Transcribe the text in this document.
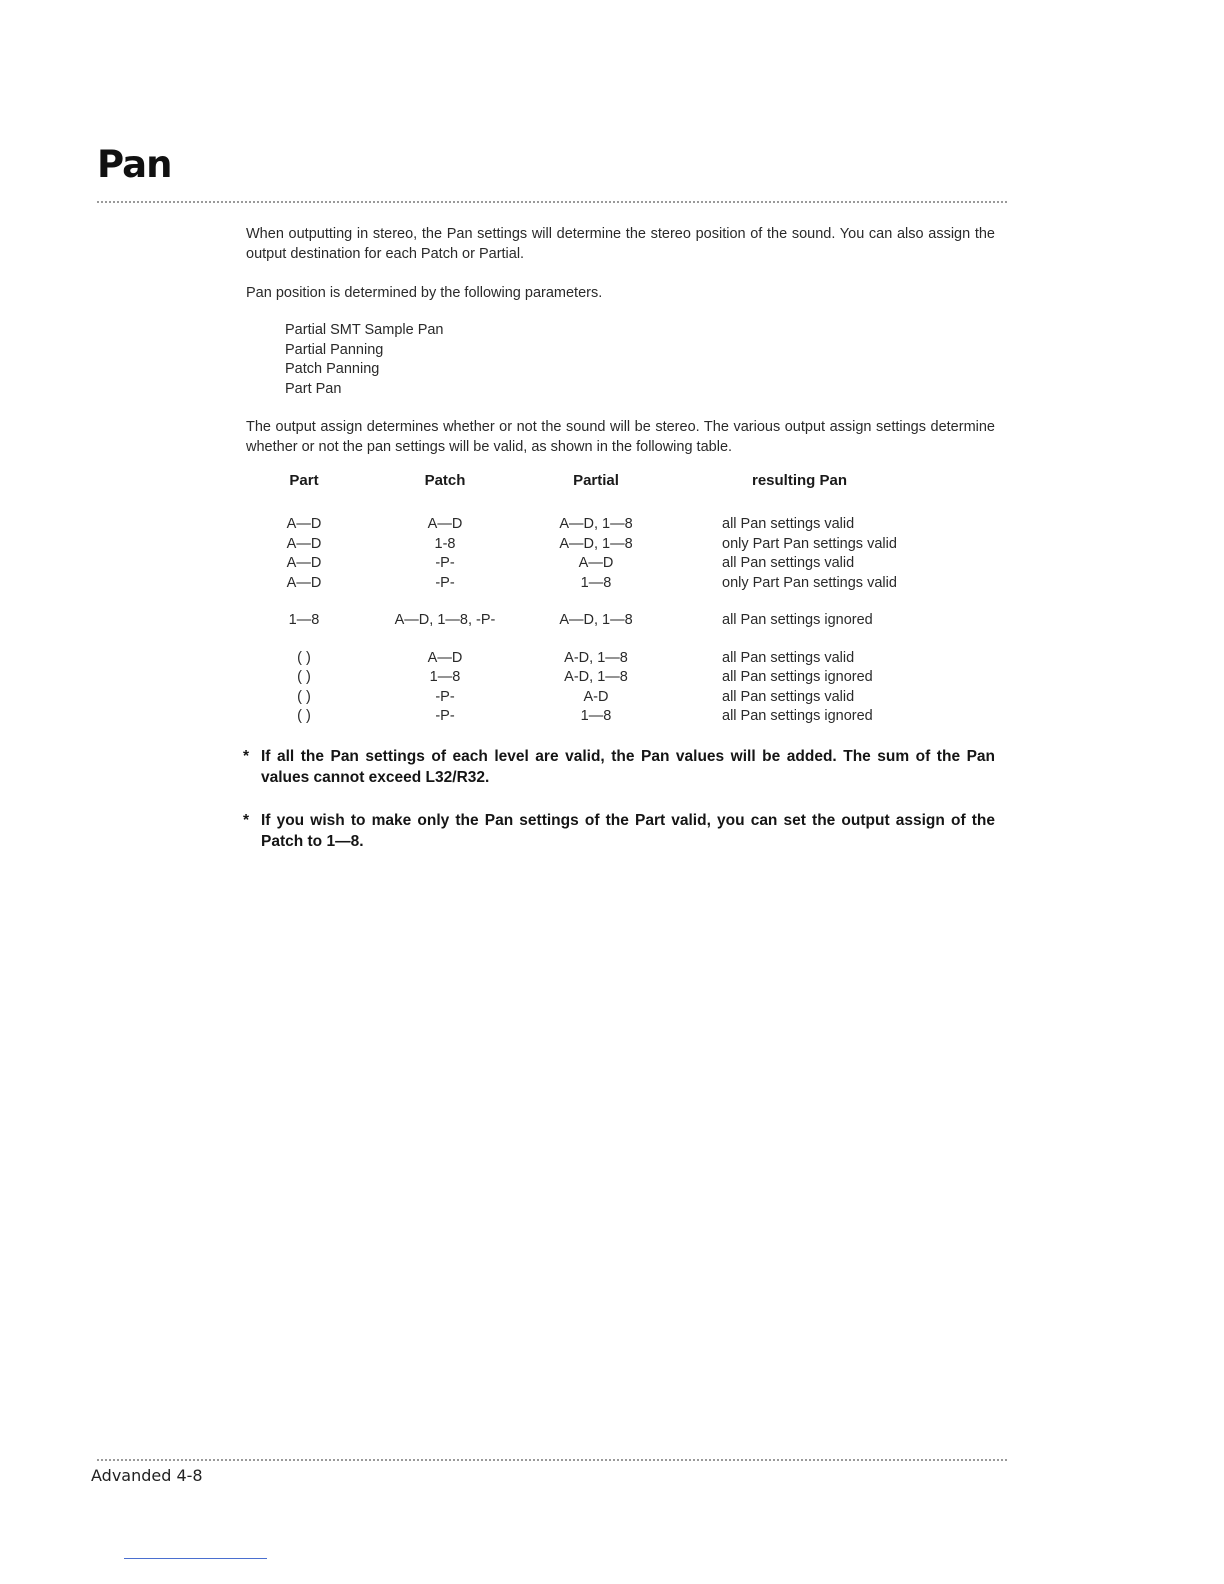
Pan

When outputting in stereo, the Pan settings will determine the stereo position of the sound. You can also assign the output destination for each Patch or Partial.

Pan position is determined by the following parameters.

Partial SMT Sample Pan
Partial Panning
Patch Panning
Part Pan

The output assign determines whether or not the sound will be stereo. The various output assign settings determine whether or not the pan settings will be valid, as shown in the following table.

Part	Patch	Partial	resulting Pan
A—D	A—D	A—D, 1—8	all Pan settings valid
A—D	1-8	A—D, 1—8	only Part Pan settings valid
A—D	-P-	A—D	all Pan settings valid
A—D	-P-	1—8	only Part Pan settings valid
1—8	A—D, 1—8, -P-	A—D, 1—8	all Pan settings ignored
( )	A—D	A-D, 1—8	all Pan settings valid
( )	1—8	A-D, 1—8	all Pan settings ignored
( )	-P-	A-D	all Pan settings valid
( )	-P-	1—8	all Pan settings ignored
* If all the Pan settings of each level are valid, the Pan values will be added. The sum of the Pan values cannot exceed L32/R32.
* If you wish to make only the Pan settings of the Part valid, you can set the output assign of the Patch to 1—8.
Advanded 4-8
